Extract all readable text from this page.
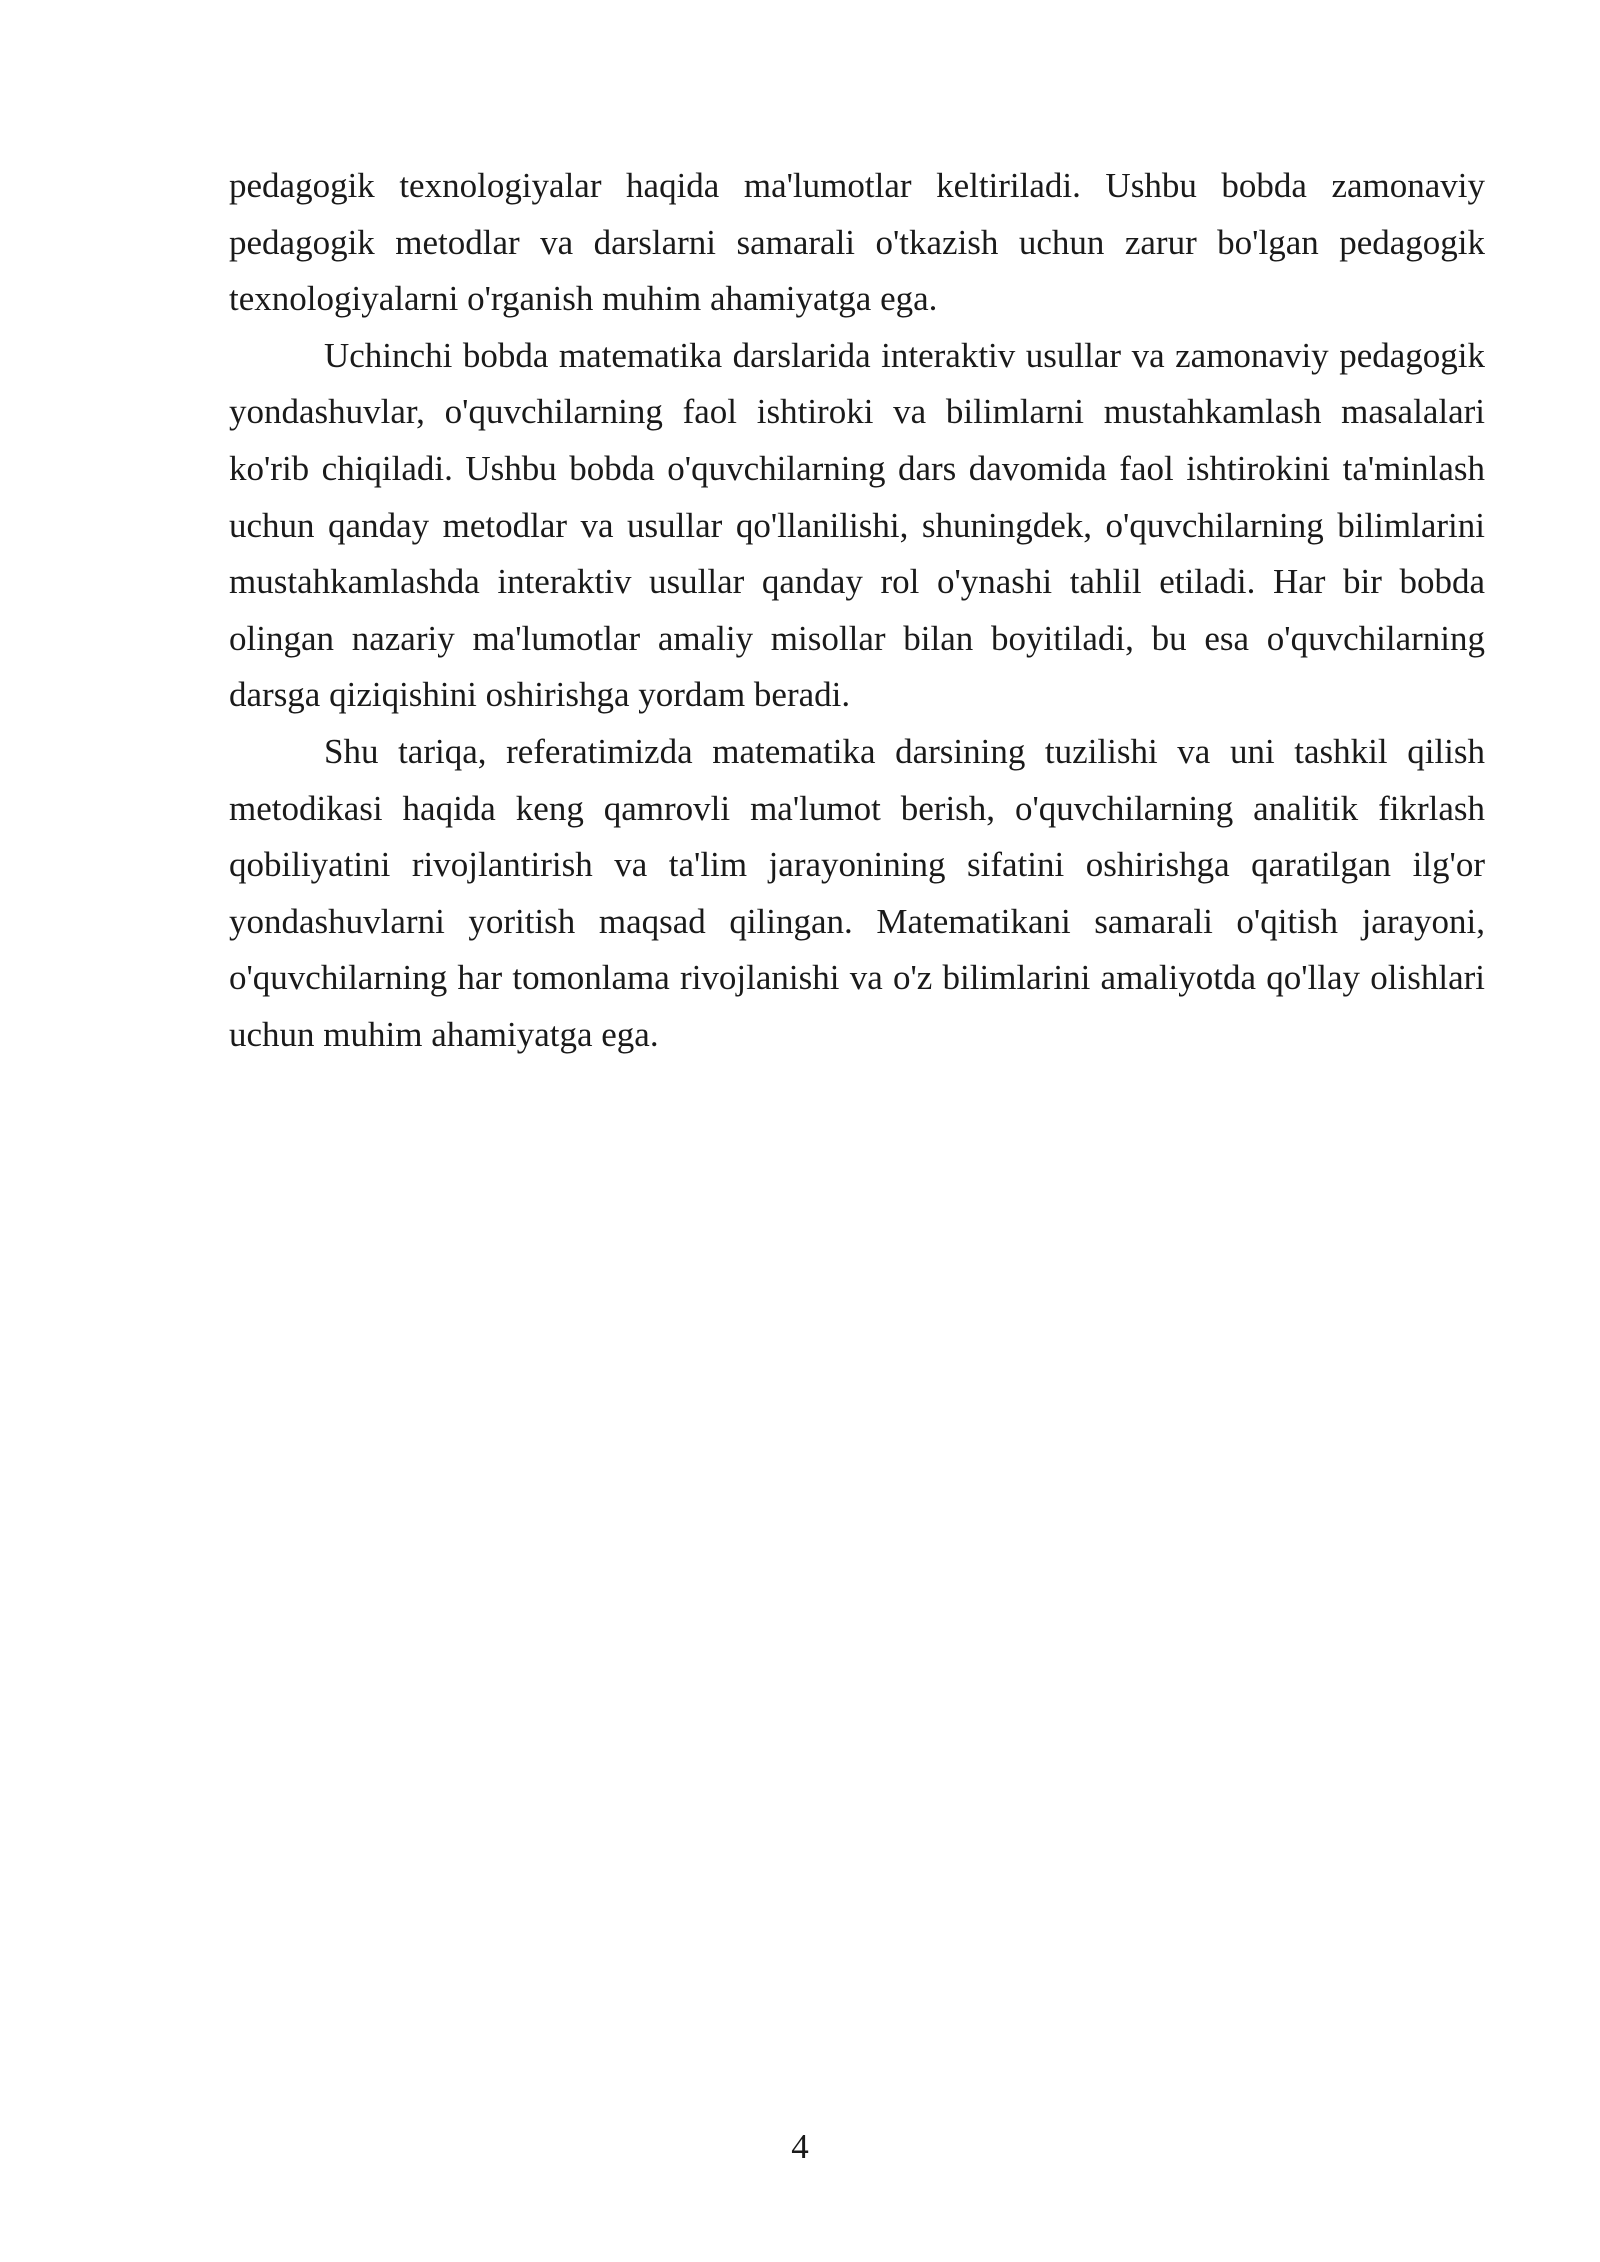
pedagogik texnologiyalar haqida ma'lumotlar keltiriladi. Ushbu bobda zamonaviy pedagogik metodlar va darslarni samarali o'tkazish uchun zarur bo'lgan pedagogik texnologiyalarni o'rganish muhim ahamiyatga ega.

Uchinchi bobda matematika darslarida interaktiv usullar va zamonaviy pedagogik yondashuvlar, o'quvchilarning faol ishtiroki va bilimlarni mustahkamlash masalalari ko'rib chiqiladi. Ushbu bobda o'quvchilarning dars davomida faol ishtirokini ta'minlash uchun qanday metodlar va usullar qo'llanilishi, shuningdek, o'quvchilarning bilimlarini mustahkamlashda interaktiv usullar qanday rol o'ynashi tahlil etiladi. Har bir bobda olingan nazariy ma'lumotlar amaliy misollar bilan boyitiladi, bu esa o'quvchilarning darsga qiziqishini oshirishga yordam beradi.

Shu tariqa, referatimizda matematika darsining tuzilishi va uni tashkil qilish metodikasi haqida keng qamrovli ma'lumot berish, o'quvchilarning analitik fikrlash qobiliyatini rivojlantirish va ta'lim jarayonining sifatini oshirishga qaratilgan ilg'or yondashuvlarni yoritish maqsad qilingan. Matematikani samarali o'qitish jarayoni, o'quvchilarning har tomonlama rivojlanishi va o'z bilimlarini amaliyotda qo'llay olishlari uchun muhim ahamiyatga ega.

4
